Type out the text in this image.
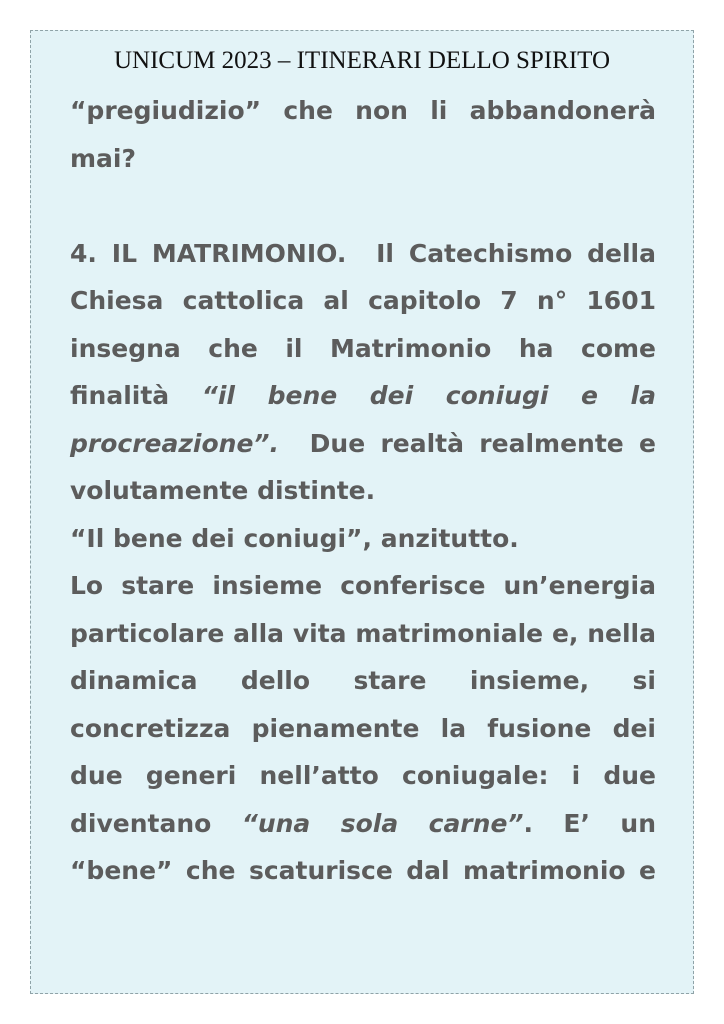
UNICUM 2023 – ITINERARI DELLO SPIRITO

“pregiudizio” che non li abbandonerà mai?

4. IL MATRIMONIO. Il Catechismo della Chiesa cattolica al capitolo 7 n° 1601 insegna che il Matrimonio ha come finalità “il bene dei coniugi e la procreazione”. Due realtà realmente e volutamente distinte.

“Il bene dei coniugi”, anzitutto.

Lo stare insieme conferisce un’energia particolare alla vita matrimoniale e, nella dinamica dello stare insieme, si concretizza pienamente la fusione dei due generi nell’atto coniugale: i due diventano “una sola carne”. E’ un “bene” che scaturisce dal matrimonio e
